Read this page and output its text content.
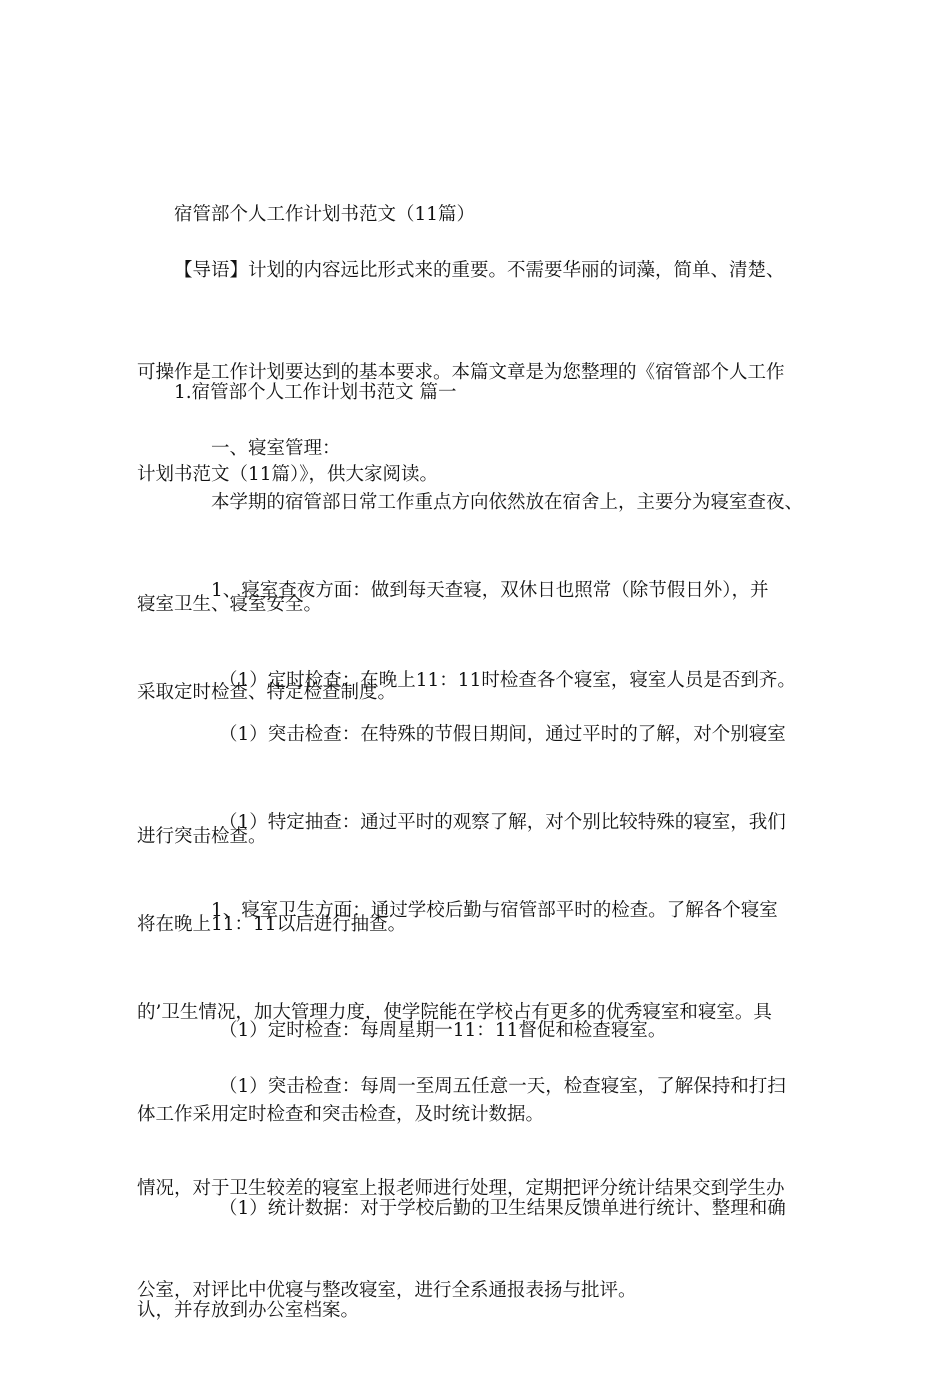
宿管部个人工作计划书范文（11篇）

【导语】计划的内容远比形式来的重要。不需要华丽的词藻，简单、清楚、

可操作是工作计划要达到的基本要求。本篇文章是为您整理的《宿管部个人工作

计划书范文（11篇）》，供大家阅读。

1.宿管部个人工作计划书范文 篇一

一、寝室管理：

本学期的宿管部日常工作重点方向依然放在宿舍上，主要分为寝室查夜、

寝室卫生、寝室安全。

1、寝室查夜方面：做到每天查寝，双休日也照常（除节假日外），并

采取定时检查、特定检查制度。

（1）定时检查：在晚上11：11时检查各个寝室，寝室人员是否到齐。

（1）突击检查：在特殊的节假日期间，通过平时的了解，对个别寝室

进行突击检查。

（1）特定抽查：通过平时的观察了解，对个别比较特殊的寝室，我们

将在晚上11：11以后进行抽查。

1、寝室卫生方面：通过学校后勤与宿管部平时的检查。了解各个寝室

的’卫生情况，加大管理力度，使学院能在学校占有更多的优秀寝室和寝室。具

体工作采用定时检查和突击检查，及时统计数据。

（1）定时检查：每周星期一11：11督促和检查寝室。

（1）突击检查：每周一至周五任意一天，检查寝室，了解保持和打扫

情况，对于卫生较差的寝室上报老师进行处理，定期把评分统计结果交到学生办

公室，对评比中优寝与整改寝室，进行全系通报表扬与批评。

（1）统计数据：对于学校后勤的卫生结果反馈单进行统计、整理和确

认，并存放到办公室档案。
